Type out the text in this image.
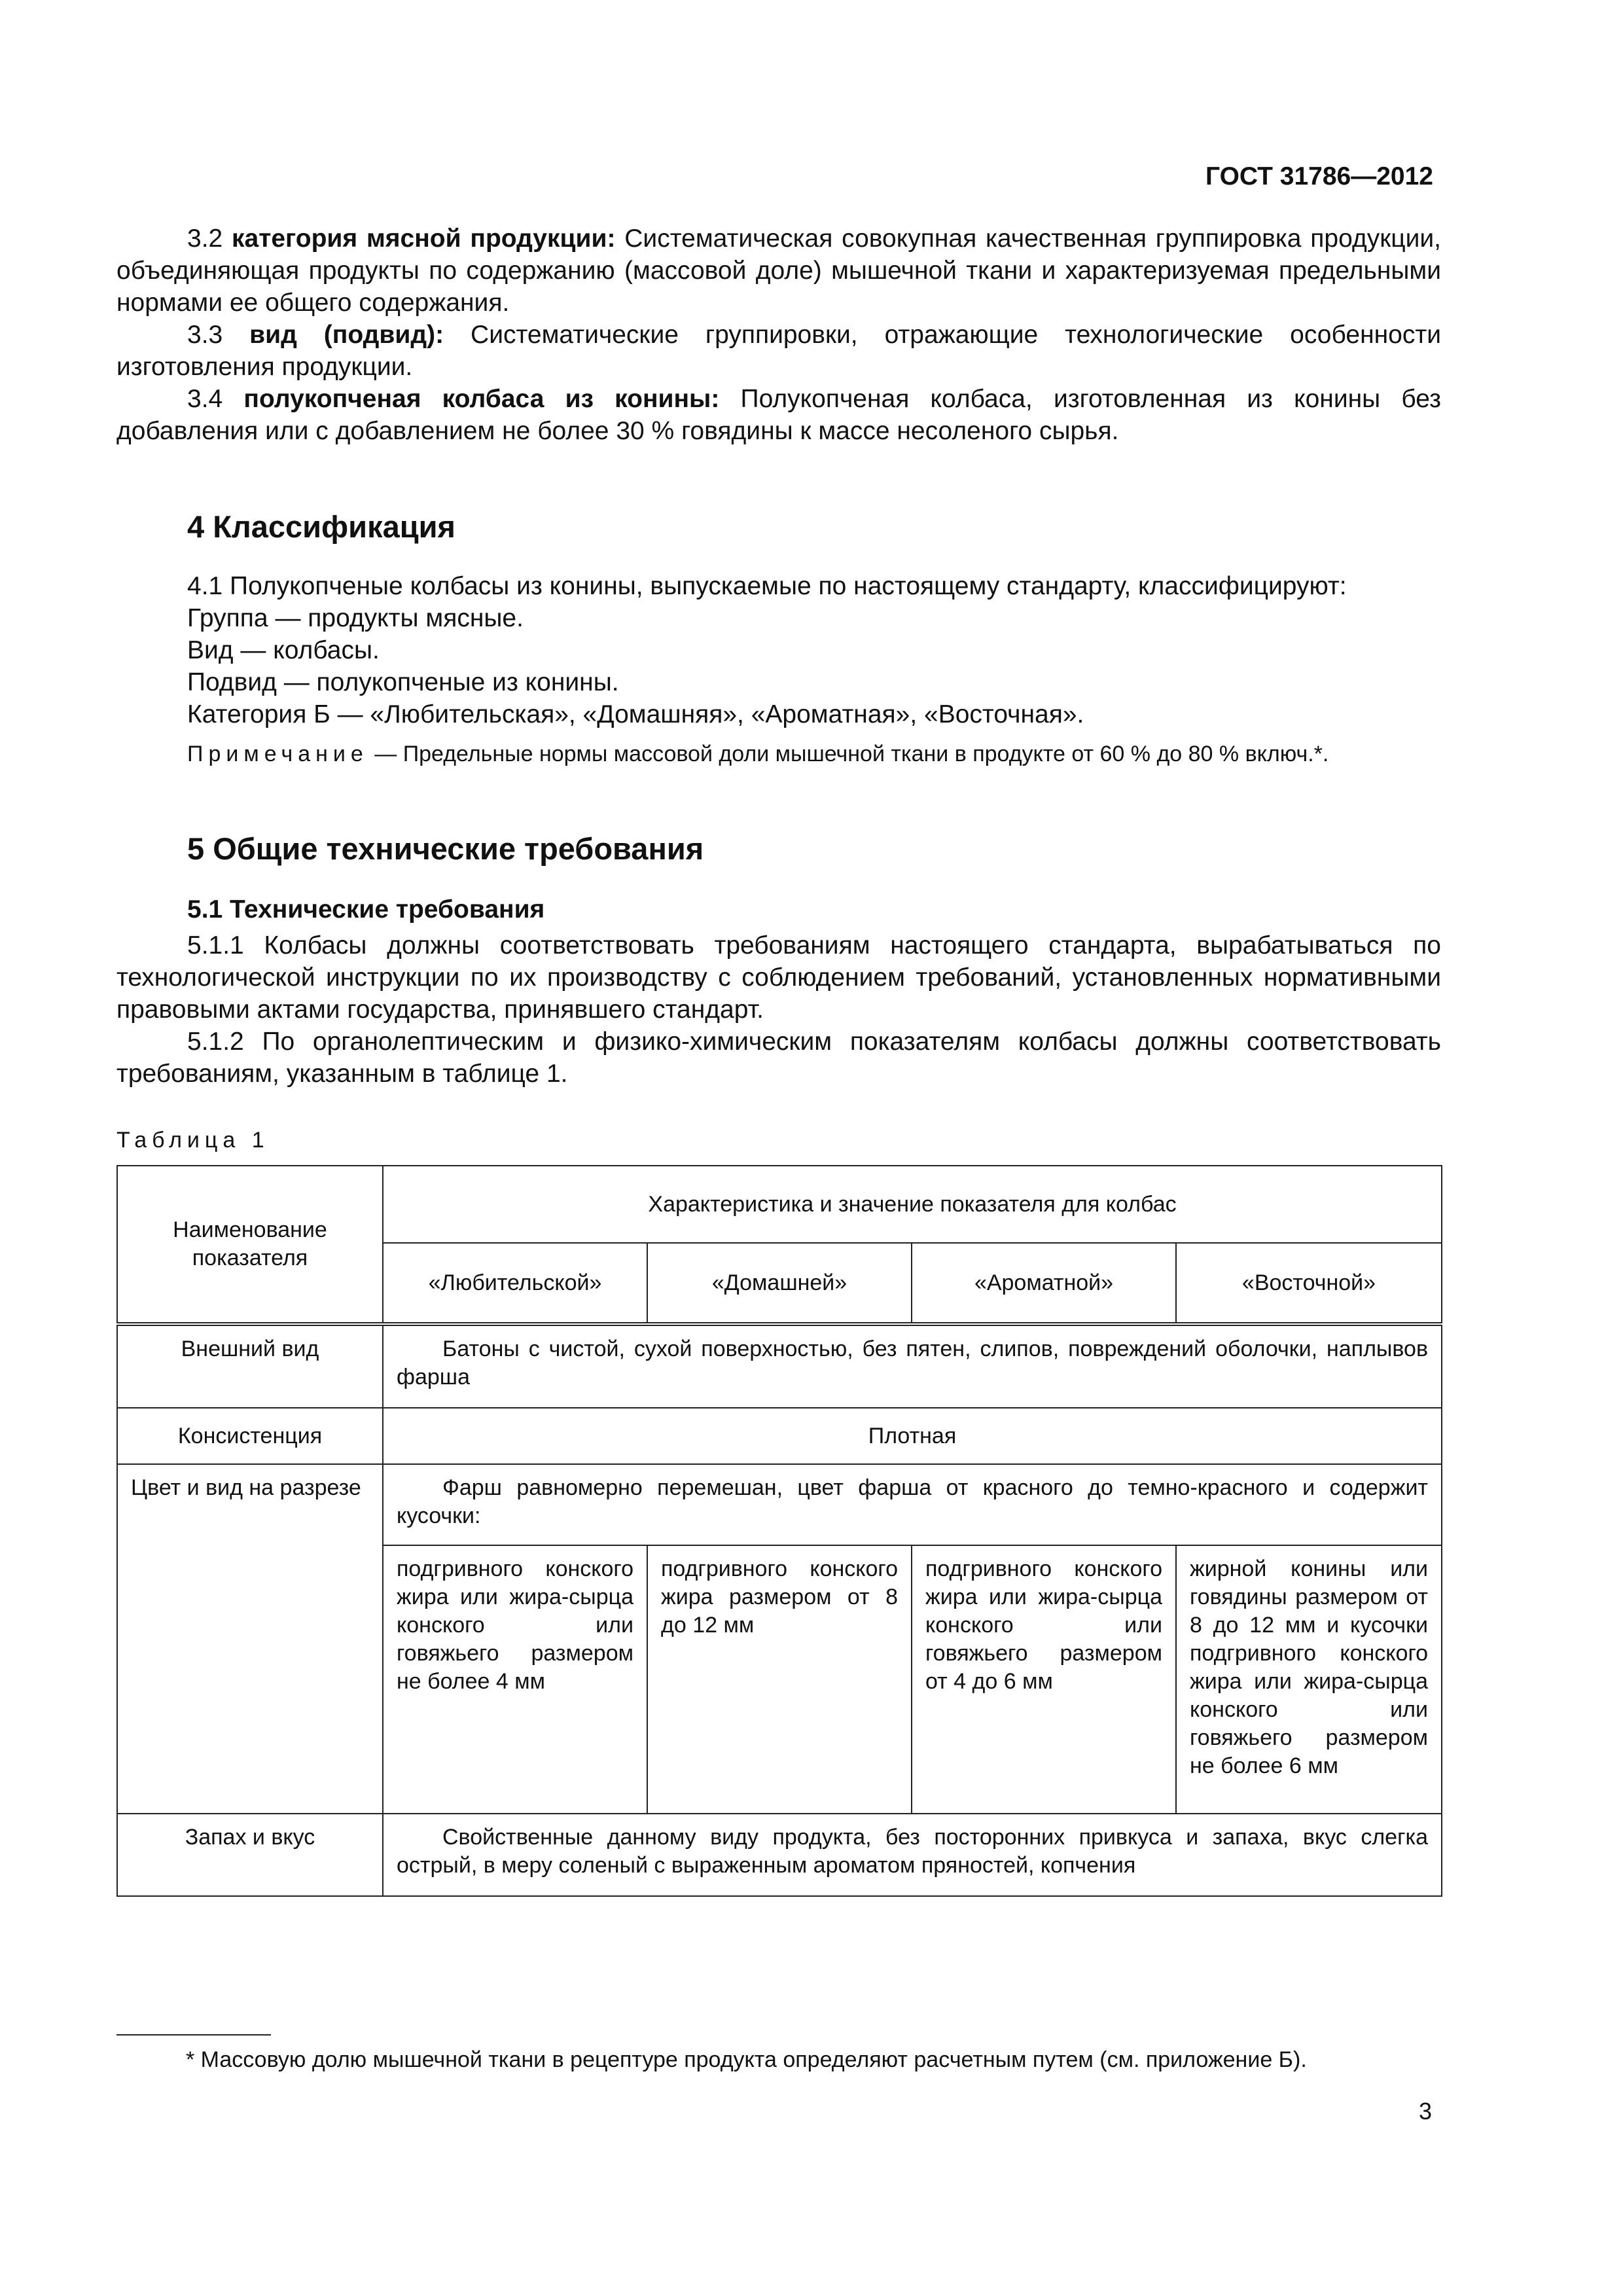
ГОСТ 31786—2012

3.2 категория мясной продукции: Систематическая совокупная качественная группировка продукции, объединяющая продукты по содержанию (массовой доле) мышечной ткани и характеризуемая предельными нормами ее общего содержания.

3.3 вид (подвид): Систематические группировки, отражающие технологические особенности изготовления продукции.

3.4 полукопченая колбаса из конины: Полукопченая колбаса, изготовленная из конины без добавления или с добавлением не более 30 % говядины к массе несоленого сырья.

4 Классификация

4.1 Полукопченые колбасы из конины, выпускаемые по настоящему стандарту, классифицируют:

Группа — продукты мясные.

Вид — колбасы.

Подвид — полукопченые из конины.

Категория Б — «Любительская», «Домашняя», «Ароматная», «Восточная».

Примечание — Предельные нормы массовой доли мышечной ткани в продукте от 60 % до 80 % включ.*.

5 Общие технические требования
5.1 Технические требования

5.1.1 Колбасы должны соответствовать требованиям настоящего стандарта, вырабатываться по технологической инструкции по их производству с соблюдением требований, установленных нормативными правовыми актами государства, принявшего стандарт.

5.1.2 По органолептическим и физико-химическим показателям колбасы должны соответствовать требованиям, указанным в таблице 1.

Таблица 1
Наименование показателя	Характеристика и значение показателя для колбас			
	«Любительской»	«Домашней»	«Ароматной»	«Восточной»
Внешний вид	Батоны с чистой, сухой поверхностью, без пятен, слипов, повреждений оболочки, наплывов фарша			
Консистенция	Плотная			
Цвет и вид на разрезе	Фарш равномерно перемешан, цвет фарша от красного до темно-красного и содержит кусочки:			
	подгривного конского жира или жира-сырца конского или говяжьего размером не более 4 мм	подгривного конского жира размером от 8 до 12 мм	подгривного конского жира или жира-сырца конского или говяжьего размером от 4 до 6 мм	жирной конины или говядины размером от 8 до 12 мм и кусочки подгривного конского жира или жира-сырца конского или говяжьего размером не более 6 мм
Запах и вкус	Свойственные данному виду продукта, без посторонних привкуса и запаха, вкус слегка острый, в меру соленый с выраженным ароматом пряностей, копчения			
* Массовую долю мышечной ткани в рецептуре продукта определяют расчетным путем (см. приложение Б).
3
